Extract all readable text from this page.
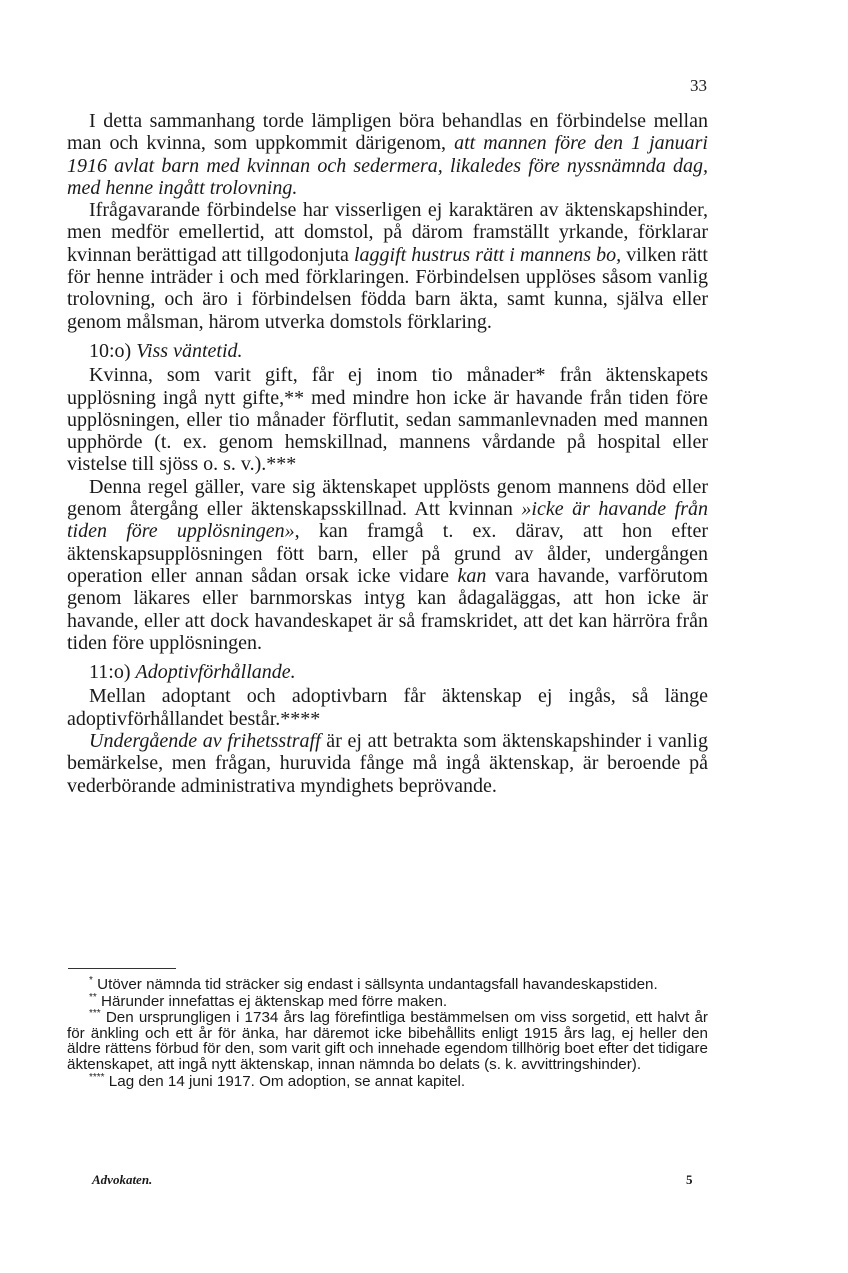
33

I detta sammanhang torde lämpligen böra behandlas en förbindelse mellan man och kvinna, som uppkommit därigenom, att mannen före den 1 januari 1916 avlat barn med kvinnan och sedermera, likaledes före nyssnämnda dag, med henne ingått trolovning.

Ifrågavarande förbindelse har visserligen ej karaktären av äktenskapshinder, men medför emellertid, att domstol, på därom framställt yrkande, förklarar kvinnan berättigad att tillgodonjuta laggift hustrus rätt i mannens bo, vilken rätt för henne inträder i och med förklaringen. Förbindelsen upplöses såsom vanlig trolovning, och äro i förbindelsen födda barn äkta, samt kunna, själva eller genom målsman, härom utverka domstols förklaring.

10:o) Viss väntetid.

Kvinna, som varit gift, får ej inom tio månader* från äktenskapets upplösning ingå nytt gifte,** med mindre hon icke är havande från tiden före upplösningen, eller tio månader förflutit, sedan sammanlevnaden med mannen upphörde (t. ex. genom hemskillnad, mannens vårdande på hospital eller vistelse till sjöss o. s. v.).***

Denna regel gäller, vare sig äktenskapet upplösts genom mannens död eller genom återgång eller äktenskapsskillnad. Att kvinnan »icke är havande från tiden före upplösningen», kan framgå t. ex. därav, att hon efter äktenskapsupplösningen fött barn, eller på grund av ålder, undergången operation eller annan sådan orsak icke vidare kan vara havande, varförutom genom läkares eller barnmorskas intyg kan ådagaläggas, att hon icke är havande, eller att dock havandeskapet är så framskridet, att det kan härröra från tiden före upplösningen.

11:o) Adoptivförhållande.

Mellan adoptant och adoptivbarn får äktenskap ej ingås, så länge adoptivförhållandet består.****

Undergående av frihetsstraff är ej att betrakta som äktenskapshinder i vanlig bemärkelse, men frågan, huruvida fånge må ingå äktenskap, är beroende på vederbörande administrativa myndighets beprövande.

* Utöver nämnda tid sträcker sig endast i sällsynta undantagsfall havandeskapstiden.

** Härunder innefattas ej äktenskap med förre maken.

*** Den ursprungligen i 1734 års lag förefintliga bestämmelsen om viss sorgetid, ett halvt år för änkling och ett år för änka, har däremot icke bibehållits enligt 1915 års lag, ej heller den äldre rättens förbud för den, som varit gift och innehade egendom tillhörig boet efter det tidigare äktenskapet, att ingå nytt äktenskap, innan nämnda bo delats (s. k. avvittringshinder).

**** Lag den 14 juni 1917. Om adoption, se annat kapitel.

Advokaten.	5
